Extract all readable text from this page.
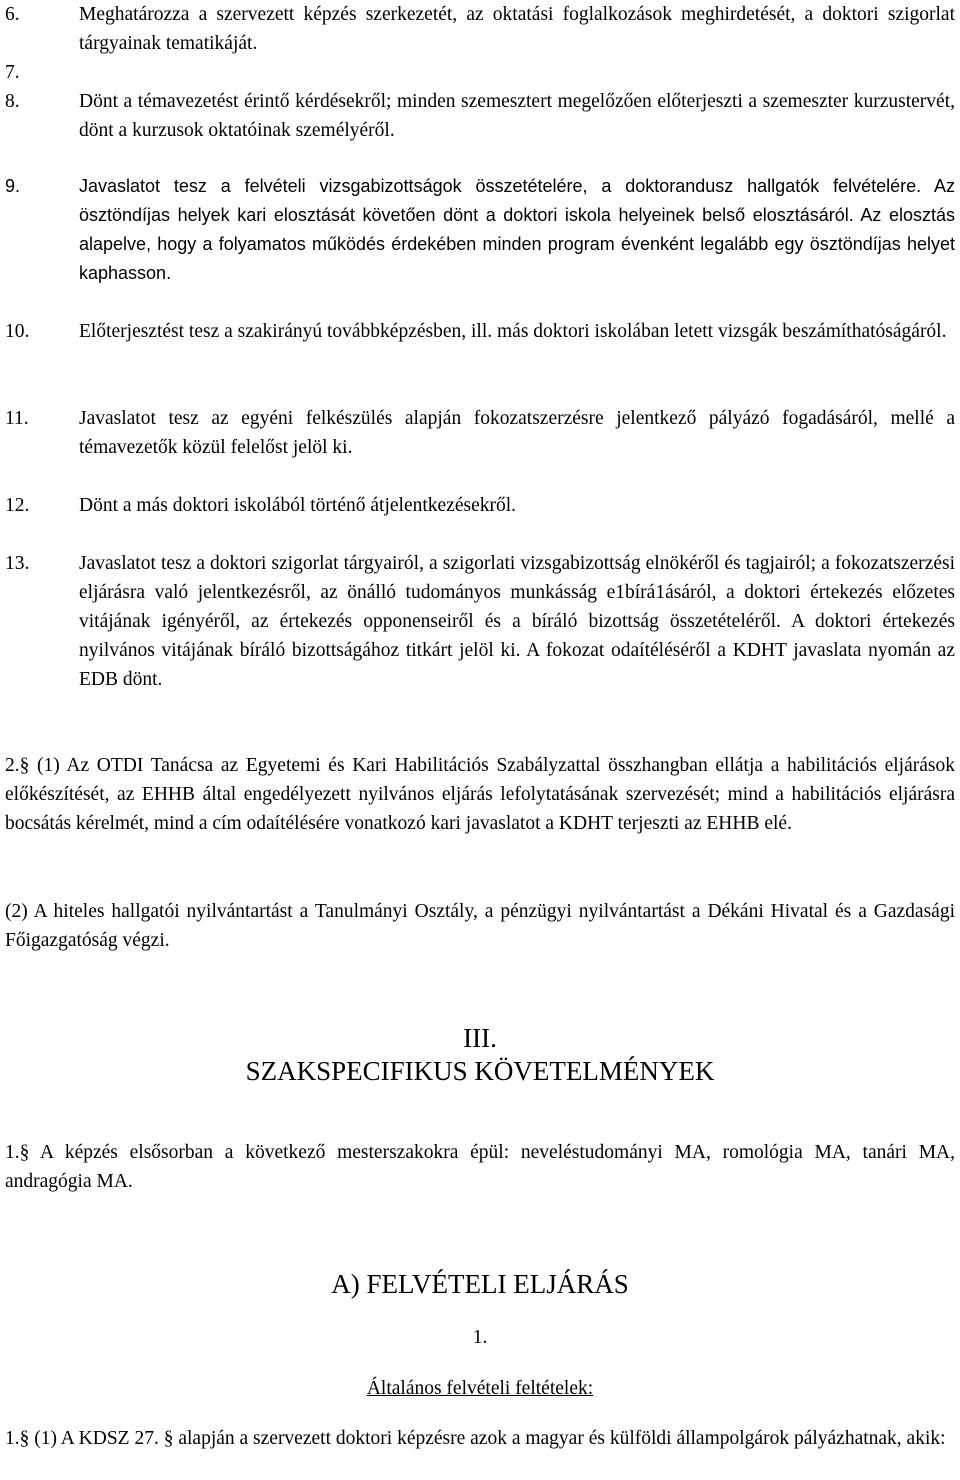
6.	Meghatározza a szervezett képzés szerkezetét, az oktatási foglalkozások meghirdetését, a doktori szigorlat tárgyainak tematikáját.
7.
8.	Dönt a témavezetést érintő kérdésekről; minden szemesztert megelőzően előterjeszti a szemeszter kurzustervét, dönt a kurzusok oktatóinak személyéről.
9.	Javaslatot tesz a felvételi vizsgabizottságok összetételére, a doktorandusz hallgatók felvételére. Az ösztöndíjas helyek kari elosztását követően dönt a doktori iskola helyeinek belső elosztásáról. Az elosztás alapelve, hogy a folyamatos működés érdekében minden program évenként legalább egy ösztöndíjas helyet kaphasson.
10.	Előterjesztést tesz a szakirányú továbbképzésben, ill. más doktori iskolában letett vizsgák beszámíthatóságáról.
11.	Javaslatot tesz az egyéni felkészülés alapján fokozatszerzésre jelentkező pályázó fogadásáról, mellé a témavezetők közül felelőst jelöl ki.
12.	Dönt a más doktori iskolából történő átjelentkezésekről.
13.	Javaslatot tesz a doktori szigorlat tárgyairól, a szigorlati vizsgabizottság elnökéről és tagjairól; a fokozatszerzési eljárásra való jelentkezésről, az önálló tudományos munkásság e1bírá1ásáról, a doktori értekezés előzetes vitájának igényéről, az értekezés opponenseiről és a bíráló bizottság összetételéről. A doktori értekezés nyilvános vitájának bíráló bizottságához titkárt jelöl ki. A fokozat odaítéléséről a KDHT javaslata nyomán az EDB dönt.
2.§ (1) Az OTDI Tanácsa az Egyetemi és Kari Habilitációs Szabályzattal összhangban ellátja a habilitációs eljárások előkészítését, az EHHB által engedélyezett nyilvános eljárás lefolytatásának szervezését; mind a habilitációs eljárásra bocsátás kérelmét, mind a cím odaítélésére vonatkozó kari javaslatot a KDHT terjeszti az EHHB elé.
(2) A hiteles hallgatói nyilvántartást a Tanulmányi Osztály, a pénzügyi nyilvántartást a Dékáni Hivatal és a Gazdasági Főigazgatóság végzi.
III.
SZAKSPECIFIKUS KÖVETELMÉNYEK
1.§ A képzés elsősorban a következő mesterszakokra épül: neveléstudományi MA, romológia MA, tanári MA, andragógia MA.
A) FELVÉTELI ELJÁRÁS
1.
Általános felvételi feltételek:
1.§ (1) A KDSZ 27. § alapján a szervezett doktori képzésre azok a magyar és külföldi állampolgárok pályázhatnak, akik:
